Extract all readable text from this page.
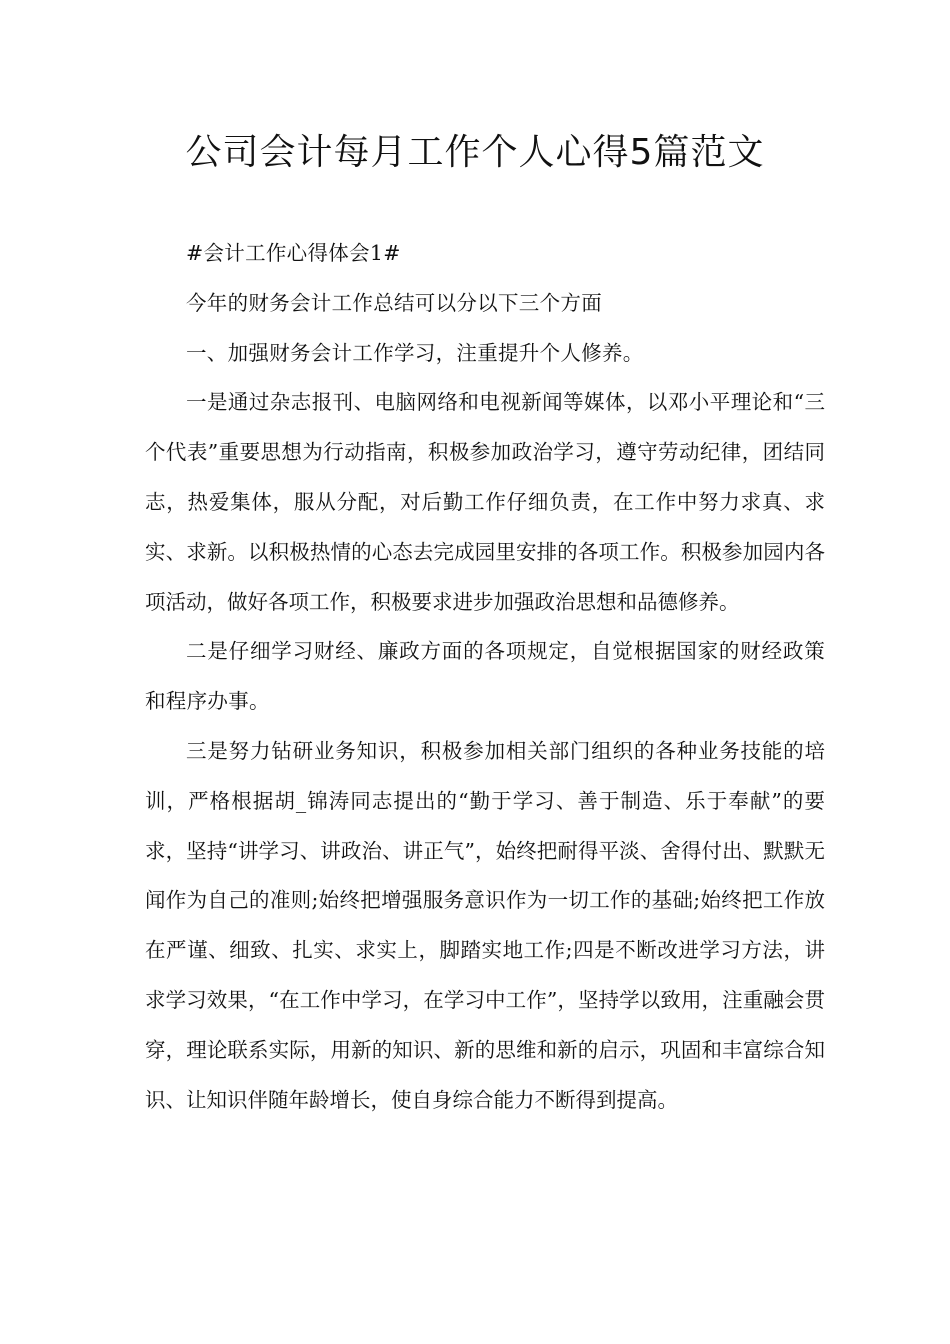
公司会计每月工作个人心得5篇范文

#会计工作心得体会1#

今年的财务会计工作总结可以分以下三个方面

一、加强财务会计工作学习，注重提升个人修养。

一是通过杂志报刊、电脑网络和电视新闻等媒体，以邓小平理论和“三个代表”重要思想为行动指南，积极参加政治学习，遵守劳动纪律，团结同志，热爱集体，服从分配，对后勤工作仔细负责，在工作中努力求真、求实、求新。以积极热情的心态去完成园里安排的各项工作。积极参加园内各项活动，做好各项工作，积极要求进步加强政治思想和品德修养。

二是仔细学习财经、廉政方面的各项规定，自觉根据国家的财经政策和程序办事。

三是努力钻研业务知识，积极参加相关部门组织的各种业务技能的培训，严格根据胡_锦涛同志提出的“勤于学习、善于制造、乐于奉献”的要求，坚持“讲学习、讲政治、讲正气”，始终把耐得平淡、舍得付出、默默无闻作为自己的准则;始终把增强服务意识作为一切工作的基础;始终把工作放在严谨、细致、扎实、求实上，脚踏实地工作;四是不断改进学习方法，讲求学习效果，“在工作中学习，在学习中工作”，坚持学以致用，注重融会贯穿，理论联系实际，用新的知识、新的思维和新的启示，巩固和丰富综合知识、让知识伴随年龄增长，使自身综合能力不断得到提高。
